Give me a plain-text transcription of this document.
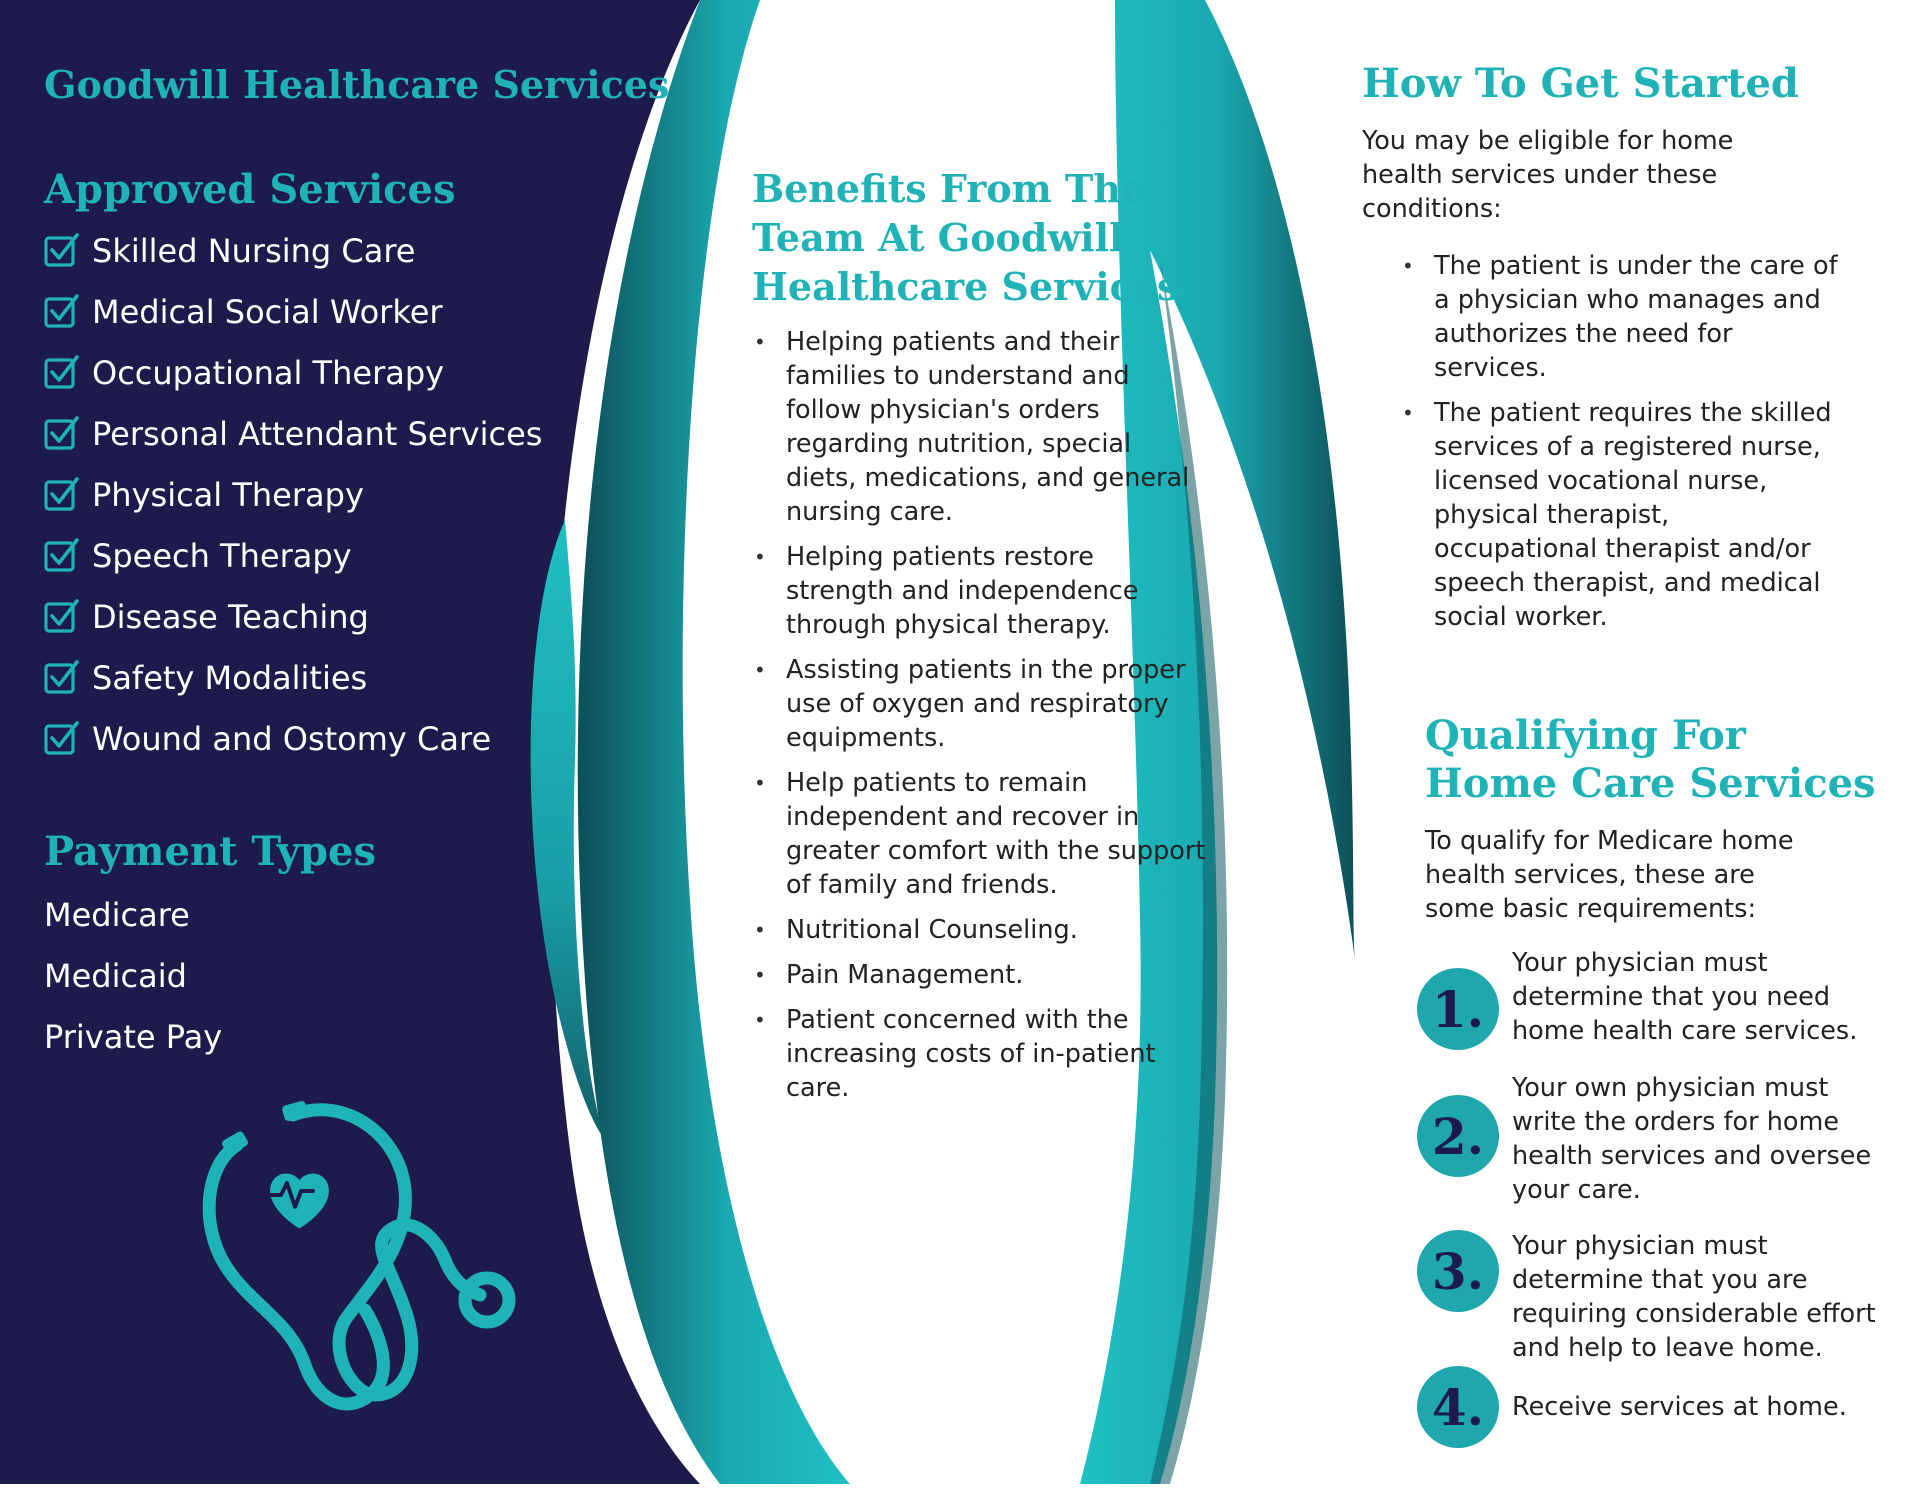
Goodwill Healthcare Services
Approved Services
Skilled Nursing Care
Medical Social Worker
Occupational Therapy
Personal Attendant Services
Physical Therapy
Speech Therapy
Disease Teaching
Safety Modalities
Wound and Ostomy Care
Payment Types
Medicare
Medicaid
Private Pay
Benefits From The Team At Goodwill Healthcare Services
• Helping patients and their families to understand and follow physician's orders regarding nutrition, special diets, medications, and general nursing care.
• Helping patients restore strength and independence through physical therapy.
• Assisting patients in the proper use of oxygen and respiratory equipments.
• Help patients to remain independent and recover in greater comfort with the support of family and friends.
• Nutritional Counseling.
• Pain Management.
• Patient concerned with the increasing costs of in-patient care.
How To Get Started

You may be eligible for home health services under these conditions:

• The patient is under the care of a physician who manages and authorizes the need for services.
• The patient requires the skilled services of a registered nurse, licensed vocational nurse, physical therapist, occupational therapist and/or speech therapist, and medical social worker.
Qualifying For Home Care Services

To qualify for Medicare home health services, these are some basic requirements:

1.
Your physician must determine that you need home health care services.
2.
Your own physician must write the orders for home health services and oversee your care.
3.	Your physician must determine that you are requiring considerable effort and help to leave home.
4.	Receive services at home.
